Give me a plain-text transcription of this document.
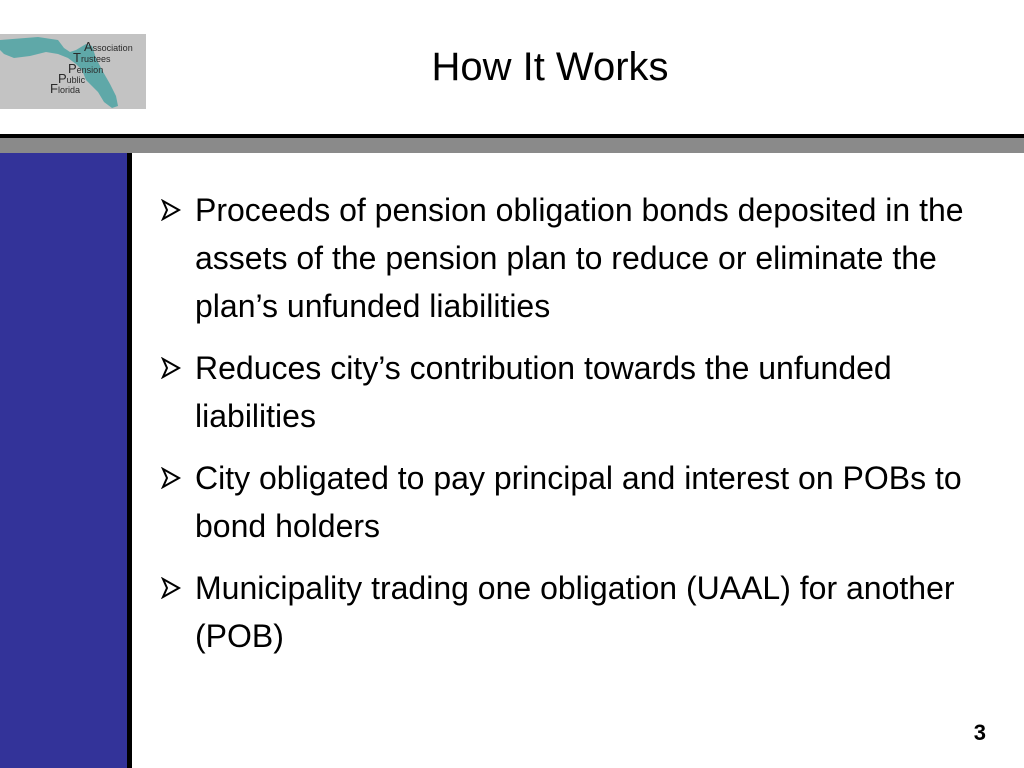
Association
Trustees
Pension
Public
Florida
How It Works
Proceeds of pension obligation bonds deposited in the assets of the pension plan to reduce or eliminate the plan’s unfunded liabilities
Reduces city’s contribution towards the unfunded liabilities
City obligated to pay principal and interest on POBs to bond holders
Municipality trading one obligation (UAAL) for another (POB)
3
